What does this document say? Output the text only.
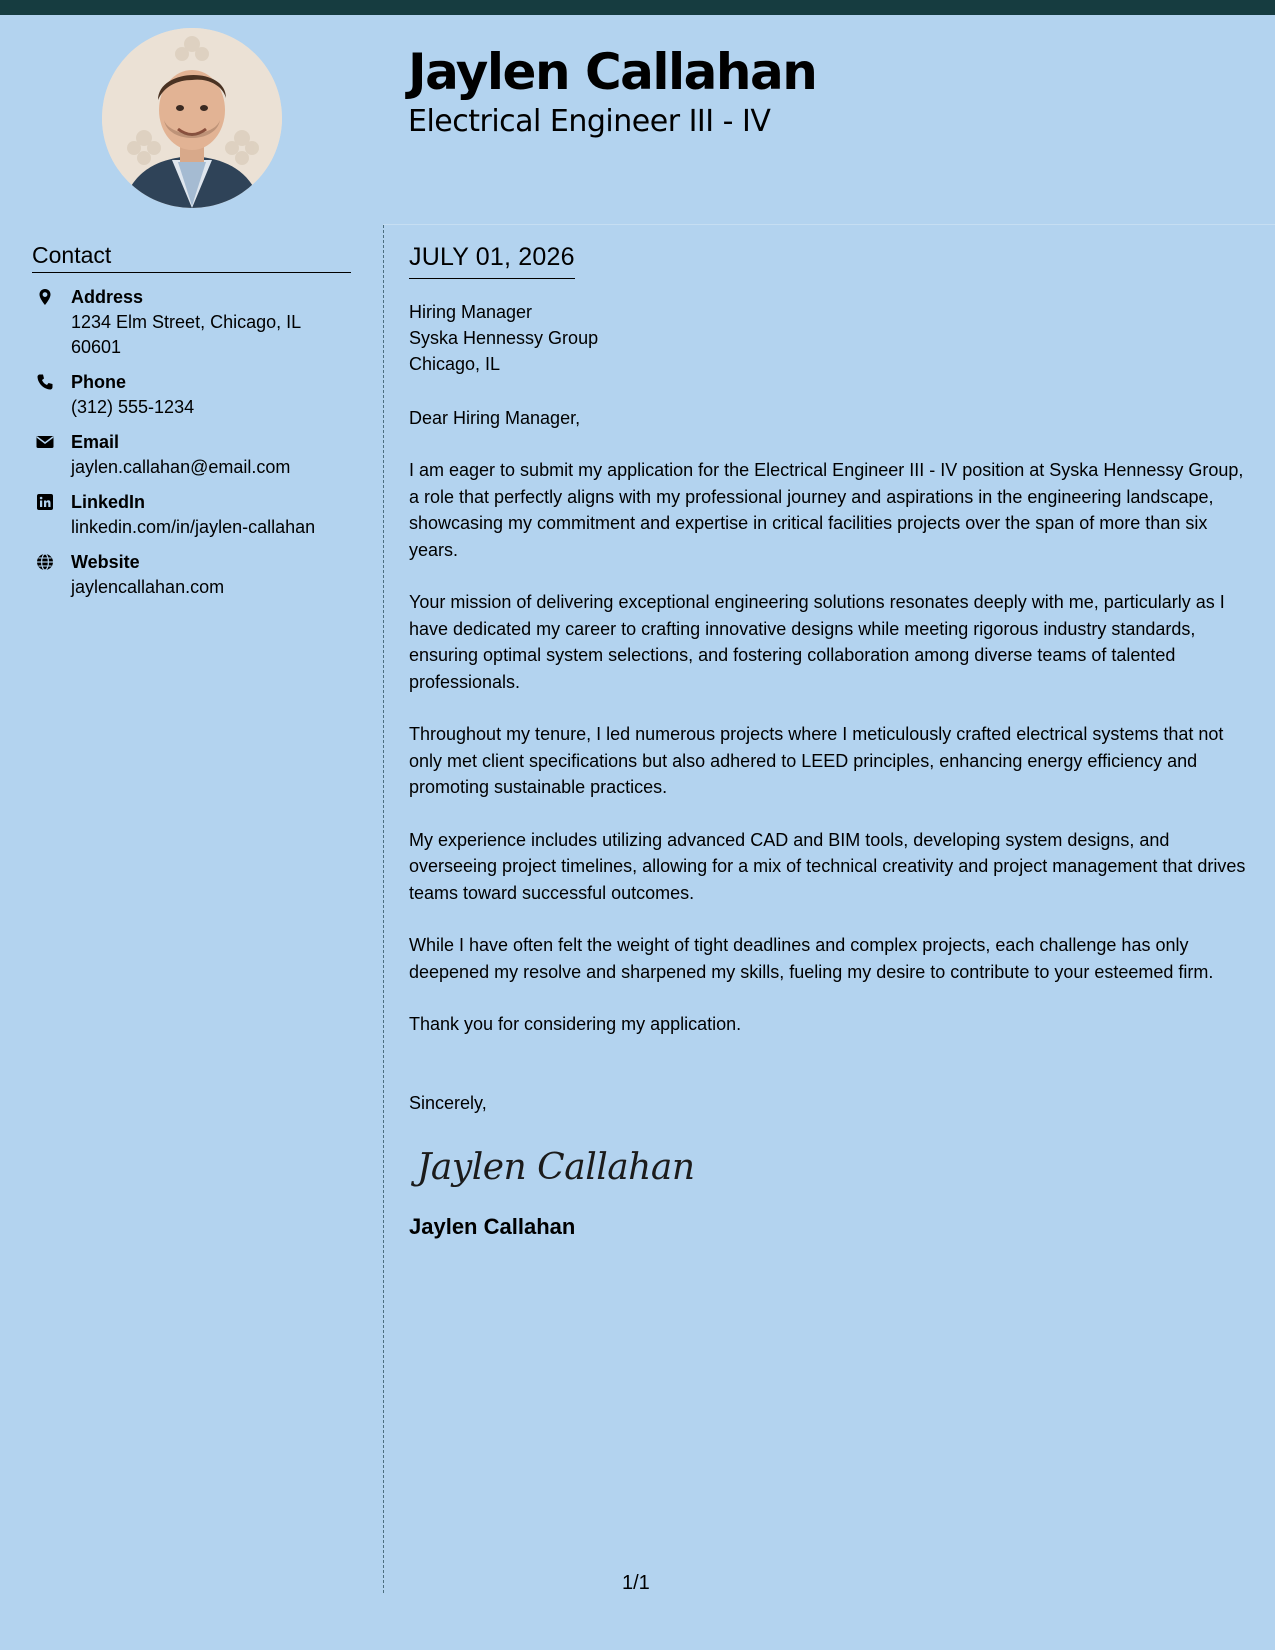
Jaylen Callahan
Electrical Engineer III - IV
Contact
Address
1234 Elm Street, Chicago, IL 60601
Phone
(312) 555-1234
Email
jaylen.callahan@email.com
LinkedIn
linkedin.com/in/jaylen-callahan
Website
jaylencallahan.com
JULY 01, 2026
Hiring Manager
Syska Hennessy Group
Chicago, IL
Dear Hiring Manager,

I am eager to submit my application for the Electrical Engineer III - IV position at Syska Hennessy Group, a role that perfectly aligns with my professional journey and aspirations in the engineering landscape, showcasing my commitment and expertise in critical facilities projects over the span of more than six years.

Your mission of delivering exceptional engineering solutions resonates deeply with me, particularly as I have dedicated my career to crafting innovative designs while meeting rigorous industry standards, ensuring optimal system selections, and fostering collaboration among diverse teams of talented professionals.

Throughout my tenure, I led numerous projects where I meticulously crafted electrical systems that not only met client specifications but also adhered to LEED principles, enhancing energy efficiency and promoting sustainable practices.

My experience includes utilizing advanced CAD and BIM tools, developing system designs, and overseeing project timelines, allowing for a mix of technical creativity and project management that drives teams toward successful outcomes.

While I have often felt the weight of tight deadlines and complex projects, each challenge has only deepened my resolve and sharpened my skills, fueling my desire to contribute to your esteemed firm.

Thank you for considering my application.

Sincerely,
Jaylen Callahan
Jaylen Callahan
1/1
